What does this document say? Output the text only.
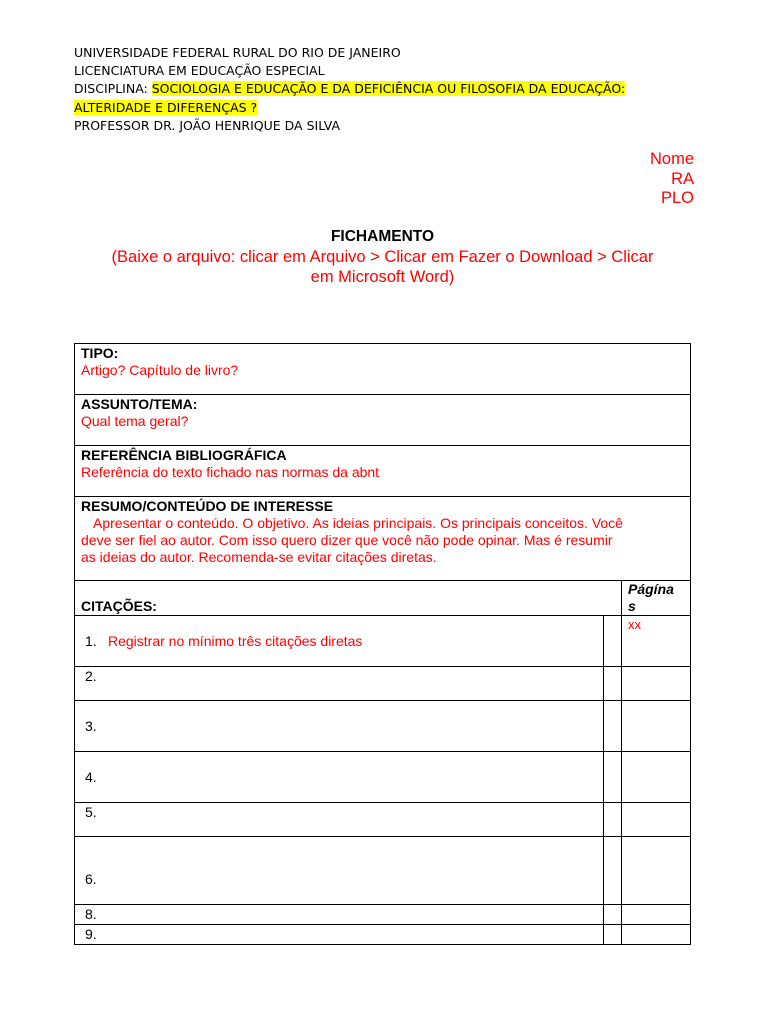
UNIVERSIDADE FEDERAL RURAL DO RIO DE JANEIRO
LICENCIATURA EM EDUCAÇÃO ESPECIAL
DISCIPLINA: SOCIOLOGIA E EDUCAÇÃO E DA DEFICIÊNCIA OU FILOSOFIA DA EDUCAÇÃO:
ALTERIDADE E DIFERENÇAS ?
PROFESSOR DR. JOÃO HENRIQUE DA SILVA
Nome
RA
PLO
FICHAMENTO
(Baixe o arquivo: clicar em Arquivo > Clicar em Fazer o Download > Clicar
em Microsoft Word)
TIPO:
Artigo? Capítulo de livro?
ASSUNTO/TEMA:
Qual tema geral?
REFERÊNCIA BIBLIOGRÁFICA
Referência do texto fichado nas normas da abnt
RESUMO/CONTEÚDO DE INTERESSE
Apresentar o conteúdo. O objetivo. As ideias principais. Os principais conceitos. Você
deve ser fiel ao autor. Com isso quero dizer que você não pode opinar. Mas é resumir
as ideias do autor. Recomenda-se evitar citações diretas.
CITAÇÕES:
Págína
s
1. Registrar no mínimo três citações diretas
xx
2.
3.
4.
5.
6.
8.
9.
